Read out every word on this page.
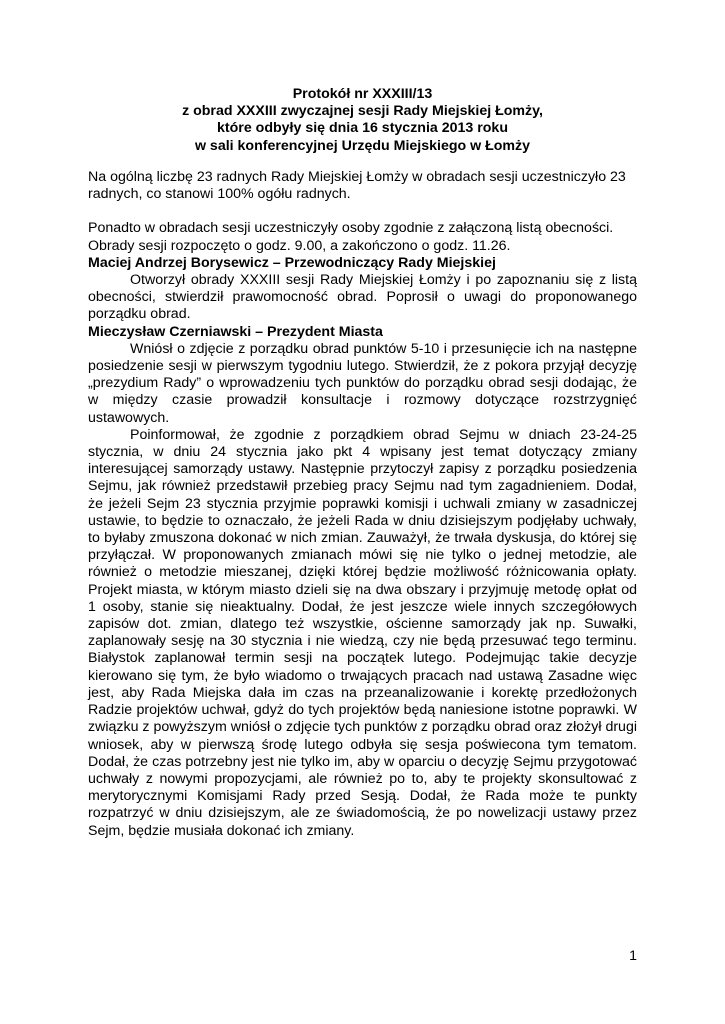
Protokół nr XXXIII/13
z obrad XXXIII zwyczajnej sesji Rady Miejskiej Łomży,
które odbyły się dnia 16 stycznia 2013 roku
w sali konferencyjnej Urzędu Miejskiego w Łomży

Na ogólną liczbę 23 radnych Rady Miejskiej Łomży w obradach sesji uczestniczyło 23 radnych, co stanowi 100% ogółu radnych.

Ponadto w obradach sesji uczestniczyły osoby zgodnie z załączoną listą obecności.
Obrady sesji rozpoczęto o godz. 9.00, a zakończono o godz. 11.26.

Maciej Andrzej Borysewicz – Przewodniczący Rady Miejskiej

Otworzył obrady XXXIII sesji Rady Miejskiej Łomży i po zapoznaniu się z listą obecności, stwierdził prawomocność obrad. Poprosił o uwagi do proponowanego porządku obrad.

Mieczysław Czerniawski – Prezydent Miasta

Wniósł o zdjęcie z porządku obrad punktów 5-10 i przesunięcie ich na następne posiedzenie sesji w pierwszym tygodniu lutego. Stwierdził, że z pokora przyjął decyzję „prezydium Rady” o wprowadzeniu tych punktów do porządku obrad sesji dodając, że w między czasie prowadził konsultacje i rozmowy dotyczące rozstrzygnięć ustawowych.

Poinformował, że zgodnie z porządkiem obrad Sejmu w dniach 23-24-25 stycznia, w dniu 24 stycznia jako pkt 4 wpisany jest temat dotyczący zmiany interesującej samorządy ustawy. Następnie przytoczył zapisy z porządku posiedzenia Sejmu, jak również przedstawił przebieg pracy Sejmu nad tym zagadnieniem. Dodał, że jeżeli Sejm 23 stycznia przyjmie poprawki komisji i uchwali zmiany w zasadniczej ustawie, to będzie to oznaczało, że jeżeli Rada w dniu dzisiejszym podjęłaby uchwały, to byłaby zmuszona dokonać w nich zmian. Zauważył, że trwała dyskusja, do której się przyłączał. W proponowanych zmianach mówi się nie tylko o jednej metodzie, ale również o metodzie mieszanej, dzięki której będzie możliwość różnicowania opłaty. Projekt miasta, w którym miasto dzieli się na dwa obszary i przyjmuję metodę opłat od 1 osoby, stanie się nieaktualny. Dodał, że jest jeszcze wiele innych szczegółowych zapisów dot. zmian, dlatego też wszystkie, ościenne samorządy jak np. Suwałki, zaplanowały sesję na 30 stycznia i nie wiedzą, czy nie będą przesuwać tego terminu. Białystok zaplanował termin sesji na początek lutego. Podejmując takie decyzje kierowano się tym, że było wiadomo o trwających pracach nad ustawą Zasadne więc jest, aby Rada Miejska dała im czas na przeanalizowanie i korektę przedłożonych Radzie projektów uchwał, gdyż do tych projektów będą naniesione istotne poprawki. W związku z powyższym wniósł o zdjęcie tych punktów z porządku obrad oraz złożył drugi wniosek, aby w pierwszą środę lutego odbyła się sesja poświecona tym tematom. Dodał, że czas potrzebny jest nie tylko im, aby w oparciu o decyzję Sejmu przygotować uchwały z nowymi propozycjami, ale również po to, aby te projekty skonsultować z merytorycznymi Komisjami Rady przed Sesją. Dodał, że Rada może te punkty rozpatrzyć w dniu dzisiejszym, ale ze świadomością, że po nowelizacji ustawy przez Sejm, będzie musiała dokonać ich zmiany.

1
